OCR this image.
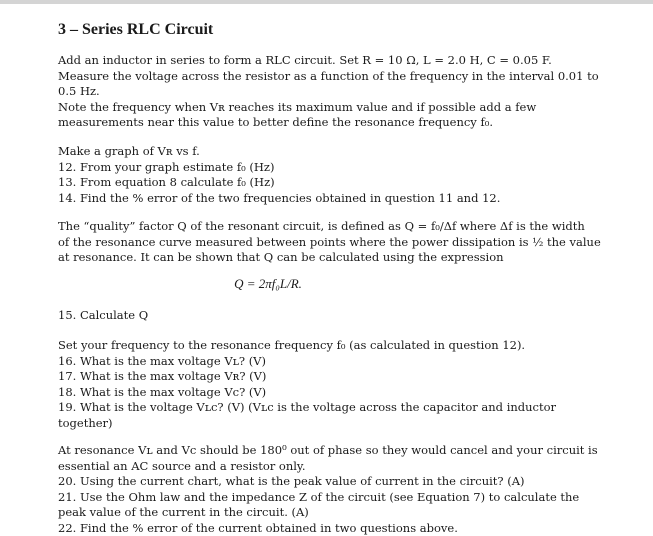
3 – Series RLC Circuit
Add an inductor in series to form a RLC circuit. Set R = 10 Ω, L = 2.0 H, C = 0.05 F.
Measure the voltage across the resistor as a function of the frequency in the interval 0.01 to
0.5 Hz.
Note the frequency when Vʀ reaches its maximum value and if possible add a few
measurements near this value to better define the resonance frequency f₀.
Make a graph of Vʀ vs f.
12. From your graph estimate f₀ (Hz)
13. From equation 8 calculate f₀ (Hz)
14. Find the % error of the two frequencies obtained in question 11 and 12.
The “quality” factor Q of the resonant circuit, is defined as Q = f₀/Δf where Δf is the width
of the resonance curve measured between points where the power dissipation is ½ the value
at resonance. It can be shown that Q can be calculated using the expression
Q = 2πf₀L/R.
15. Calculate Q
Set your frequency to the resonance frequency f₀ (as calculated in question 12).
16. What is the max voltage Vʟ? (V)
17. What is the max voltage Vʀ? (V)
18. What is the max voltage Vc? (V)
19. What is the voltage Vʟc? (V) (Vʟc is the voltage across the capacitor and inductor
together)
At resonance Vʟ and Vc should be 180⁰ out of phase so they would cancel and your circuit is
essential an AC source and a resistor only.
20. Using the current chart, what is the peak value of current in the circuit? (A)
21. Use the Ohm law and the impedance Z of the circuit (see Equation 7) to calculate the
peak value of the current in the circuit. (A)
22. Find the % error of the current obtained in two questions above.
